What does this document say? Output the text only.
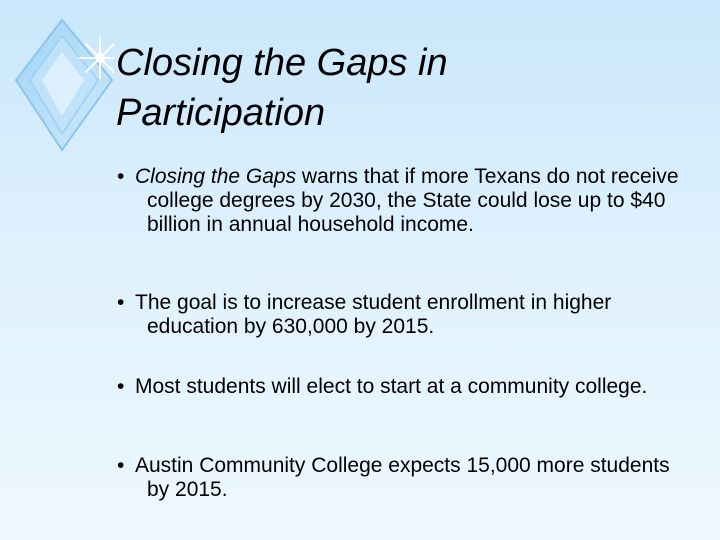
Closing the Gaps in
Participation

• Closing the Gaps warns that if more Texans do not receive college degrees by 2030, the State could lose up to $40 billion in annual household income.

• The goal is to increase student enrollment in higher education by 630,000 by 2015.

• Most students will elect to start at a community college.

• Austin Community College expects 15,000 more students by 2015.
